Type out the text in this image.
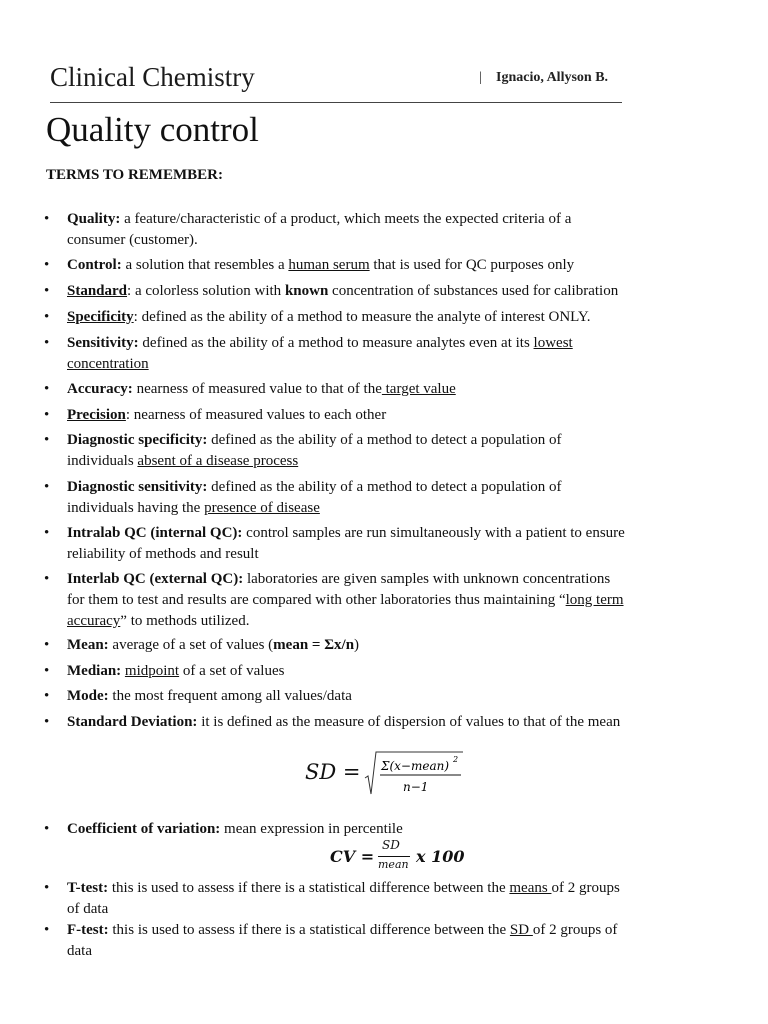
Clinical Chemistry	| Ignacio, Allyson B.
Quality control
TERMS TO REMEMBER:
• Quality: a feature/characteristic of a product, which meets the expected criteria of a
consumer (customer).
• Control: a solution that resembles a human serum that is used for QC purposes only
• Standard: a colorless solution with known concentration of substances used for calibration
• Specificity: defined as the ability of a method to measure the analyte of interest ONLY.
• Sensitivity: defined as the ability of a method to measure analytes even at its lowest
concentration
• Accuracy: nearness of measured value to that of the target value
• Precision: nearness of measured values to each other
• Diagnostic specificity: defined as the ability of a method to detect a population of
individuals absent of a disease process
• Diagnostic sensitivity: defined as the ability of a method to detect a population of
individuals having the presence of disease
• Intralab QC (internal QC): control samples are run simultaneously with a patient to ensure
reliability of methods and result
• Interlab QC (external QC): laboratories are given samples with unknown concentrations
for them to test and results are compared with other laboratories thus maintaining “long term
accuracy” to methods utilized.
• Mean: average of a set of values (mean = Σx/n)
• Median: midpoint of a set of values
• Mode: the most frequent among all values/data
• Standard Deviation: it is defined as the measure of dispersion of values to that of the mean
• Coefficient of variation: mean expression in percentile
• T-test: this is used to assess if there is a statistical difference between the means of 2 groups
of data
• F-test: this is used to assess if there is a statistical difference between the SD of 2 groups of
data
SD = Σ(x−mean) 2
n−1
CV =
SD
mean x 100
